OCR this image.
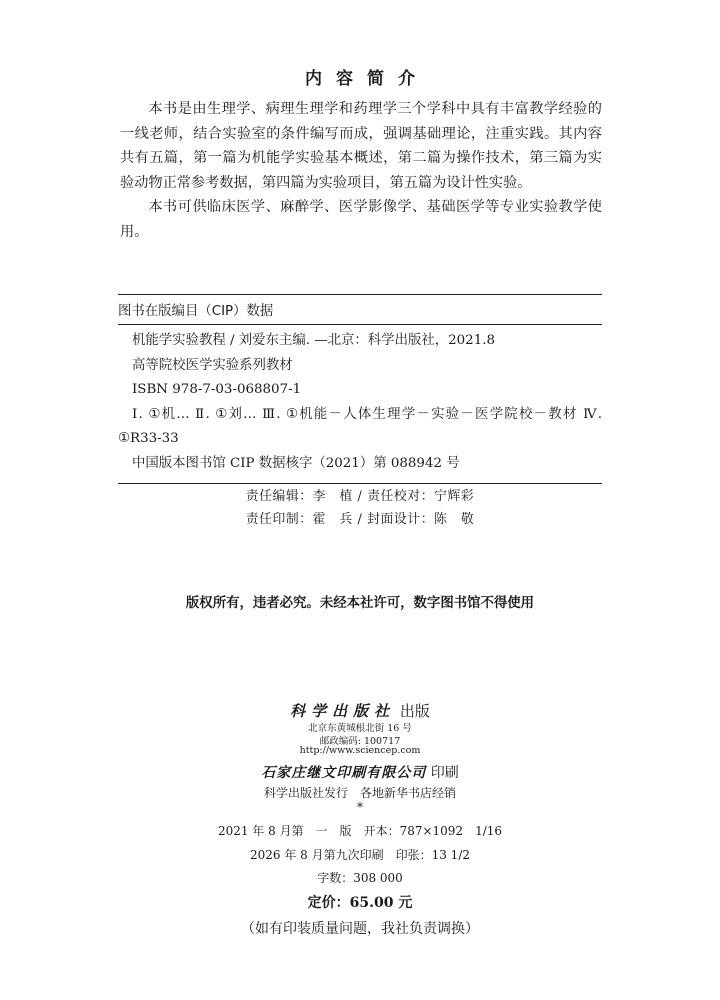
内容简介

本书是由生理学、病理生理学和药理学三个学科中具有丰富教学经验的一线老师，结合实验室的条件编写而成，强调基础理论，注重实践。其内容共有五篇，第一篇为机能学实验基本概述，第二篇为操作技术，第三篇为实验动物正常参考数据，第四篇为实验项目，第五篇为设计性实验。

本书可供临床医学、麻醉学、医学影像学、基础医学等专业实验教学使用。

图书在版编目（CIP）数据
机能学实验教程 / 刘爱东主编. —北京：科学出版社，2021.8
高等院校医学实验系列教材
ISBN 978-7-03-068807-1
Ⅰ. ①机… Ⅱ. ①刘… Ⅲ. ①机能－人体生理学－实验－医学院校－教材 Ⅳ. ①R33-33
中国版本图书馆 CIP 数据核字（2021）第 088942 号
责任编辑：李　植 / 责任校对：宁辉彩
责任印制：霍　兵 / 封面设计：陈　敬
版权所有，违者必究。未经本社许可，数字图书馆不得使用
科学出版社 出版
北京东黄城根北街 16 号
邮政编码: 100717
http://www.sciencep.com
石家庄继文印刷有限公司 印刷
科学出版社发行　各地新华书店经销
*
2021 年 8 月第　一　版　开本：787×1092　1/16
2026 年 8 月第九次印刷　印张：13 1/2
字数：308 000
定价：65.00 元
（如有印装质量问题，我社负责调换）
